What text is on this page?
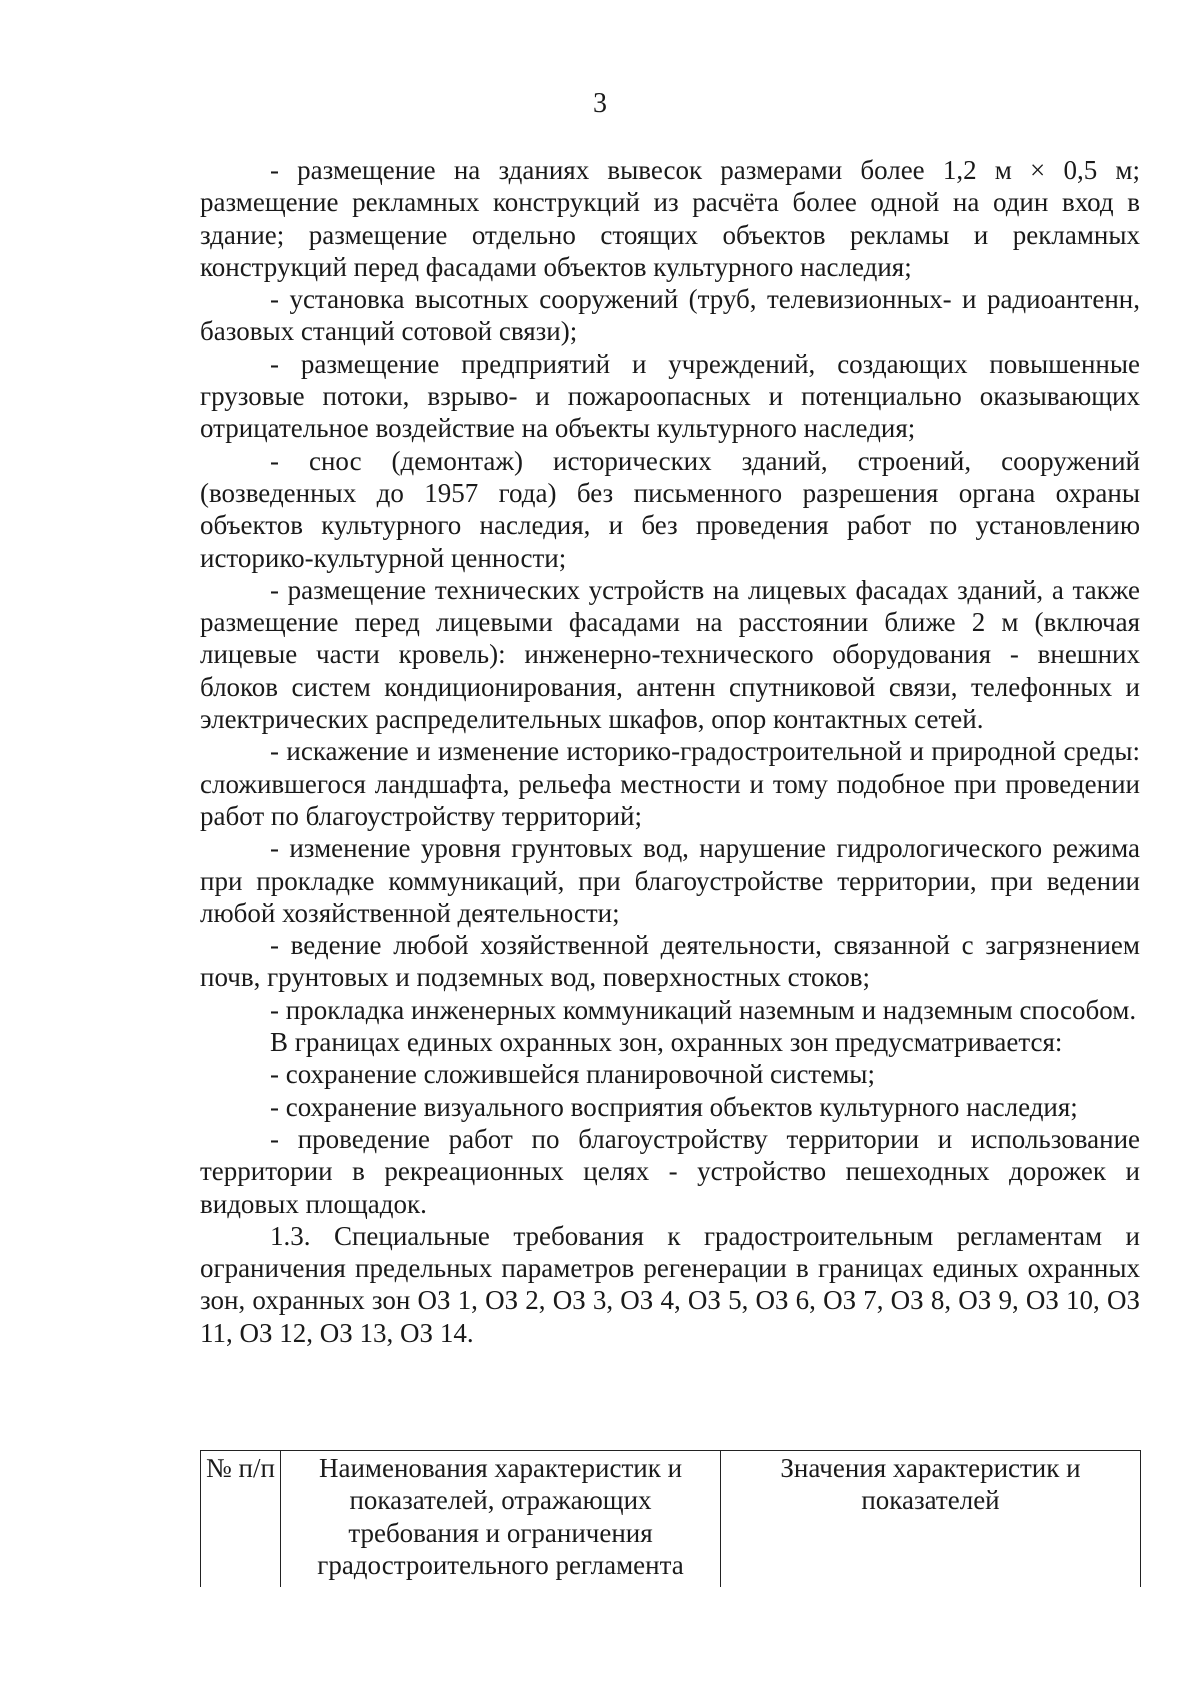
3

- размещение на зданиях вывесок размерами более 1,2 м × 0,5 м; размещение рекламных конструкций из расчёта более одной на один вход в здание; размещение отдельно стоящих объектов рекламы и рекламных конструкций перед фасадами объектов культурного наследия;

- установка высотных сооружений (труб, телевизионных- и радиоантенн, базовых станций сотовой связи);

- размещение предприятий и учреждений, создающих повышенные грузовые потоки, взрыво- и пожароопасных и потенциально оказывающих отрицательное воздействие на объекты культурного наследия;

- снос (демонтаж) исторических зданий, строений, сооружений (возведенных до 1957 года) без письменного разрешения органа охраны объектов культурного наследия, и без проведения работ по установлению историко-культурной ценности;

- размещение технических устройств на лицевых фасадах зданий, а также размещение перед лицевыми фасадами на расстоянии ближе 2 м (включая лицевые части кровель): инженерно-технического оборудования - внешних блоков систем кондиционирования, антенн спутниковой связи, телефонных и электрических распределительных шкафов, опор контактных сетей.

- искажение и изменение историко-градостроительной и природной среды: сложившегося ландшафта, рельефа местности и тому подобное при проведении работ по благоустройству территорий;

- изменение уровня грунтовых вод, нарушение гидрологического режима при прокладке коммуникаций, при благоустройстве территории, при ведении любой хозяйственной деятельности;

- ведение любой хозяйственной деятельности, связанной с загрязнением почв, грунтовых и подземных вод, поверхностных стоков;

- прокладка инженерных коммуникаций наземным и надземным способом.

В границах единых охранных зон, охранных зон предусматривается:

- сохранение сложившейся планировочной системы;

- сохранение визуального восприятия объектов культурного наследия;

- проведение работ по благоустройству территории и использование территории в рекреационных целях - устройство пешеходных дорожек и видовых площадок.

1.3. Специальные требования к градостроительным регламентам и ограничения предельных параметров регенерации в границах единых охранных зон, охранных зон ОЗ 1, ОЗ 2, ОЗ 3, ОЗ 4, ОЗ 5, ОЗ 6, ОЗ 7, ОЗ 8, ОЗ 9, ОЗ 10, ОЗ 11, ОЗ 12, ОЗ 13, ОЗ 14.

№ п/п	Наименования характеристик и показателей, отражающих требования и ограничения градостроительного регламента	Значения характеристик и показателей
